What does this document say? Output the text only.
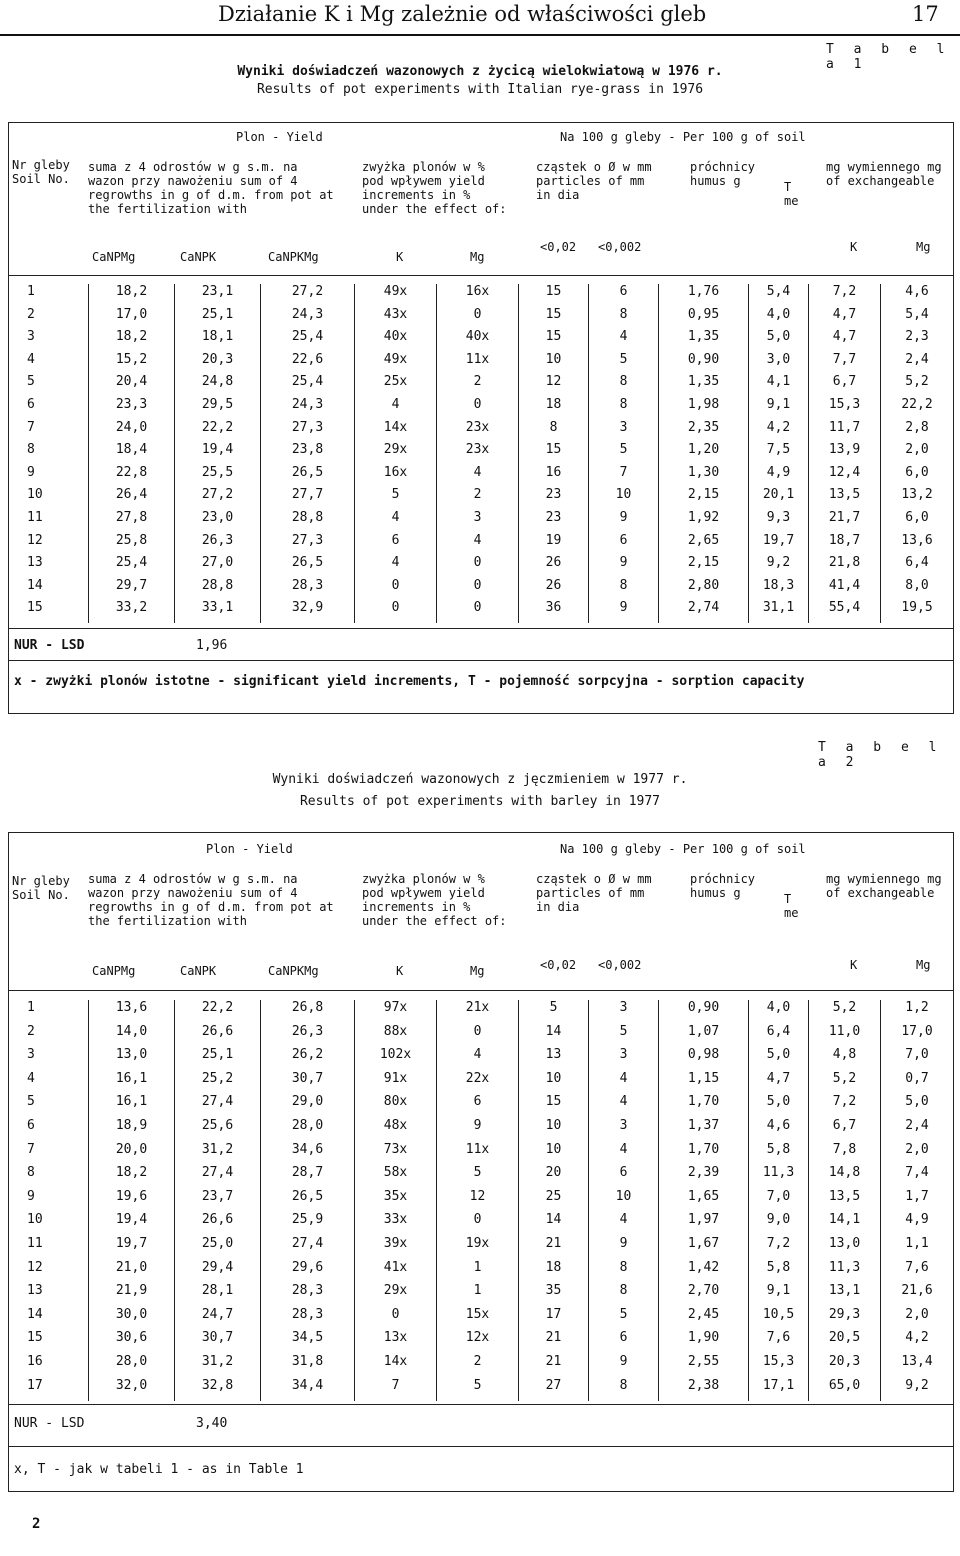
Działanie K i Mg zależnie od właściwości gleb	17
T a b e l a 1
Wyniki doświadczeń wazonowych z życicą wielokwiatową w 1976 r.
Results of pot experiments with Italian rye-grass in 1976
Nr gleby Soil No.
Plon - Yield
suma z 4 odrostów w g s.m. na wazon przy nawożeniu sum of 4 regrowths in g of d.m. from pot at the fertilization with
zwyżka plonów w % pod wpływem yield increments in % under the effect of:
Na 100 g gleby - Per 100 g of soil
cząstek o Ø w mm particles of mm in dia
próchnicy humus g	T me
mg wymiennego mg of exchangeable
CaNPMg	CaNPK	CaNPKMg	K	Mg
<0,02 <0,002	K	Mg
1	18,2	23,1	27,2	49x	16x	15	6	1,76	5,4	7,2	4,6
2	17,0	25,1	24,3	43x	0	15	8	0,95	4,0	4,7	5,4
3	18,2	18,1	25,4	40x	40x	15	4	1,35	5,0	4,7	2,3
4	15,2	20,3	22,6	49x	11x	10	5	0,90	3,0	7,7	2,4
5	20,4	24,8	25,4	25x	2	12	8	1,35	4,1	6,7	5,2
6	23,3	29,5	24,3	4	0	18	8	1,98	9,1	15,3	22,2
7	24,0	22,2	27,3	14x	23x	8	3	2,35	4,2	11,7	2,8
8	18,4	19,4	23,8	29x	23x	15	5	1,20	7,5	13,9	2,0
9	22,8	25,5	26,5	16x	4	16	7	1,30	4,9	12,4	6,0
10	26,4	27,2	27,7	5	2	23	10	2,15	20,1	13,5	13,2
11	27,8	23,0	28,8	4	3	23	9	1,92	9,3	21,7	6,0
12	25,8	26,3	27,3	6	4	19	6	2,65	19,7	18,7	13,6
13	25,4	27,0	26,5	4	0	26	9	2,15	9,2	21,8	6,4
14	29,7	28,8	28,3	0	0	26	8	2,80	18,3	41,4	8,0
15	33,2	33,1	32,9	0	0	36	9	2,74	31,1	55,4	19,5
NUR - LSD	1,96
x - zwyżki plonów istotne - significant yield increments, T - pojemność sorpcyjna - sorption capacity
T a b e l a 2
Wyniki doświadczeń wazonowych z jęczmieniem w 1977 r.
Results of pot experiments with barley in 1977
Nr gleby Soil No.
Plon - Yield
suma z 4 odrostów w g s.m. na wazon przy nawożeniu sum of 4 regrowths in g of d.m. from pot at the fertilization with
zwyżka plonów w % pod wpływem yield increments in % under the effect of:
Na 100 g gleby - Per 100 g of soil
cząstek o Ø w mm particles of mm in dia
próchnicy humus g	T me
mg wymiennego mg of exchangeable
CaNPMg	CaNPK	CaNPKMg	K	Mg	<0,02 <0,002	K	Mg
1	13,6	22,2	26,8	97x	21x	5	3	0,90	4,0	5,2	1,2
2	14,0	26,6	26,3	88x	0	14	5	1,07	6,4	11,0	17,0
3	13,0	25,1	26,2	102x	4	13	3	0,98	5,0	4,8	7,0
4	16,1	25,2	30,7	91x	22x	10	4	1,15	4,7	5,2	0,7
5	16,1	27,4	29,0	80x	6	15	4	1,70	5,0	7,2	5,0
6	18,9	25,6	28,0	48x	9	10	3	1,37	4,6	6,7	2,4
7	20,0	31,2	34,6	73x	11x	10	4	1,70	5,8	7,8	2,0
8	18,2	27,4	28,7	58x	5	20	6	2,39	11,3	14,8	7,4
9	19,6	23,7	26,5	35x	12	25	10	1,65	7,0	13,5	1,7
10	19,4	26,6	25,9	33x	0	14	4	1,97	9,0	14,1	4,9
11	19,7	25,0	27,4	39x	19x	21	9	1,67	7,2	13,0	1,1
12	21,0	29,4	29,6	41x	1	18	8	1,42	5,8	11,3	7,6
13	21,9	28,1	28,3	29x	1	35	8	2,70	9,1	13,1	21,6
14	30,0	24,7	28,3	0	15x	17	5	2,45	10,5	29,3	2,0
15	30,6	30,7	34,5	13x	12x	21	6	1,90	7,6	20,5	4,2
16	28,0	31,2	31,8	14x	2	21	9	2,55	15,3	20,3	13,4
17	32,0	32,8	34,4	7	5	27	8	2,38	17,1	65,0	9,2
NUR - LSD	3,40
x, T - jak w tabeli 1 - as in Table 1
2
